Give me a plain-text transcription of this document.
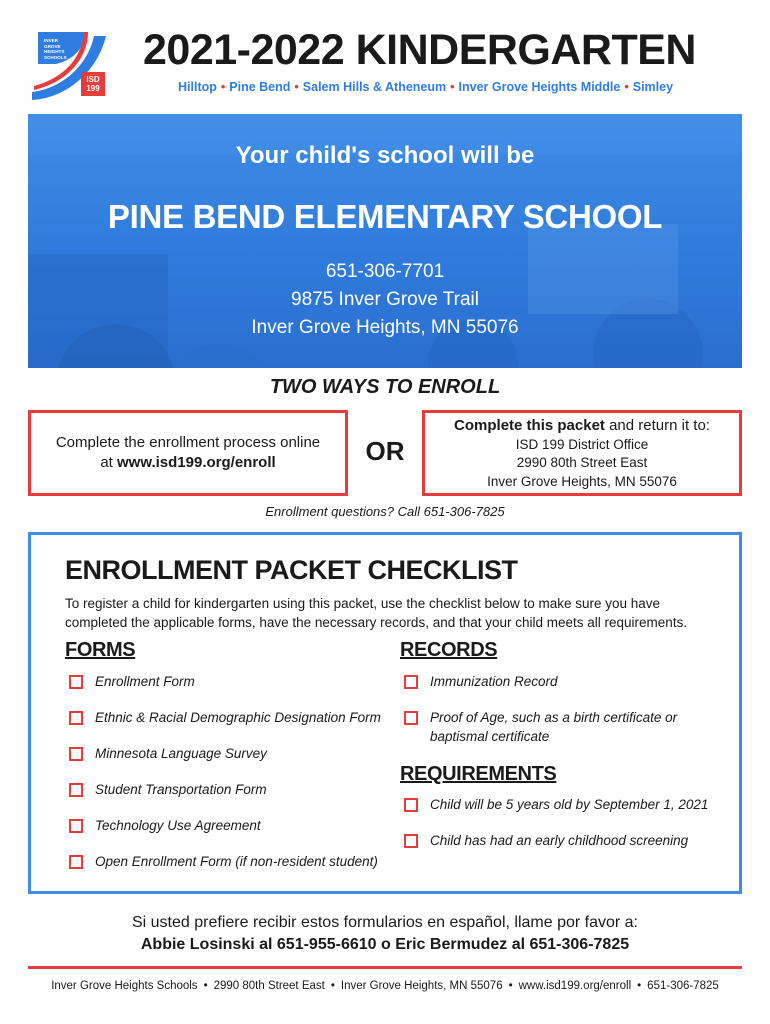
INVER
GROVE
HEIGHTS
SCHOOLS
ISD
199
2021-2022 KINDERGARTEN
Hilltop • Pine Bend • Salem Hills & Atheneum • Inver Grove Heights Middle • Simley
Your child's school will be
PINE BEND ELEMENTARY SCHOOL
651-306-7701
9875 Inver Grove Trail
Inver Grove Heights, MN 55076
TWO WAYS TO ENROLL
Complete the enrollment process online
at www.isd199.org/enroll	OR
Complete this packet and return it to:
ISD 199 District Office
2990 80th Street East
Inver Grove Heights, MN 55076
Enrollment questions? Call 651-306-7825
ENROLLMENT PACKET CHECKLIST
To register a child for kindergarten using this packet, use the checklist below to make sure you have completed the applicable forms, have the necessary records, and that your child meets all requirements.
FORMS	RECORDS
Enrollment Form
Ethnic & Racial Demographic Designation Form
Minnesota Language Survey
Student Transportation Form
Technology Use Agreement
Open Enrollment Form (if non-resident student)
Immunization Record
Proof of Age, such as a birth certificate or baptismal certificate
REQUIREMENTS
Child will be 5 years old by September 1, 2021
Child has had an early childhood screening
Si usted prefiere recibir estos formularios en español, llame por favor a:
Abbie Losinski al 651-955-6610 o Eric Bermudez al 651-306-7825
Inver Grove Heights Schools • 2990 80th Street East • Inver Grove Heights, MN 55076 • www.isd199.org/enroll • 651-306-7825
